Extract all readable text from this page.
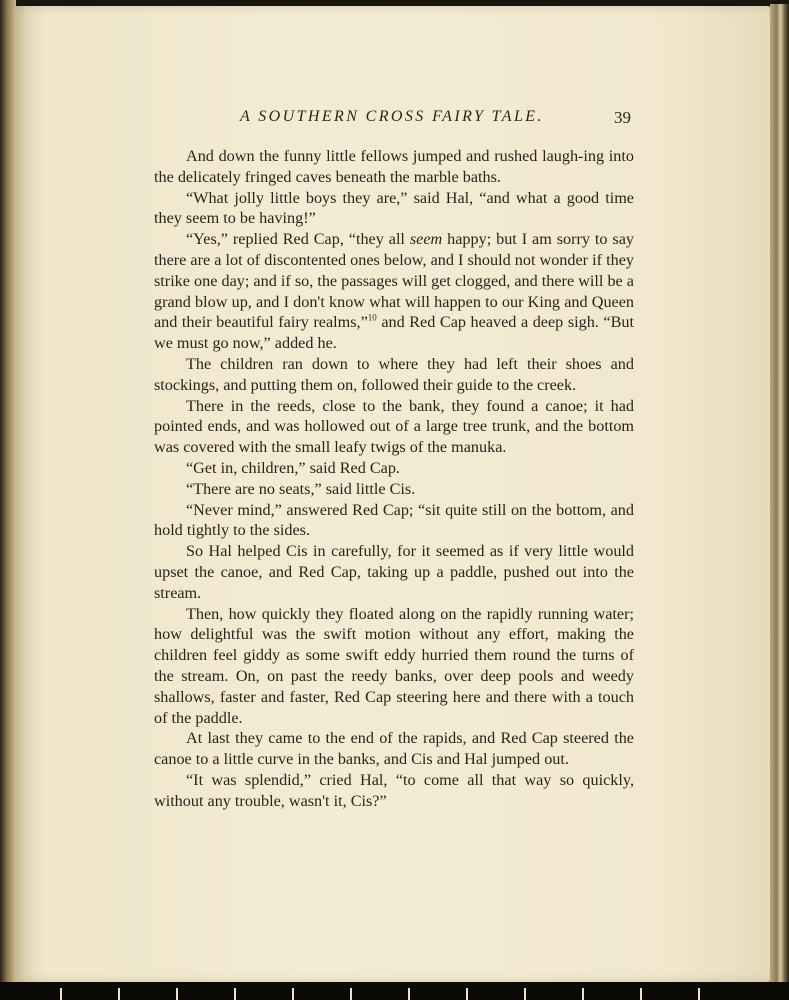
A SOUTHERN CROSS FAIRY TALE.	39

And down the funny little fellows jumped and rushed laugh-ing into the delicately fringed caves beneath the marble baths.

“What jolly little boys they are,” said Hal, “and what a good time they seem to be having!”

“Yes,” replied Red Cap, “they all seem happy; but I am sorry to say there are a lot of discontented ones below, and I should not wonder if they strike one day; and if so, the passages will get clogged, and there will be a grand blow up, and I don't know what will happen to our King and Queen and their beautiful fairy realms,”$^{10}$ and Red Cap heaved a deep sigh. “But we must go now,” added he.

The children ran down to where they had left their shoes and stockings, and putting them on, followed their guide to the creek.

There in the reeds, close to the bank, they found a canoe; it had pointed ends, and was hollowed out of a large tree trunk, and the bottom was covered with the small leafy twigs of the manuka.

“Get in, children,” said Red Cap.

“There are no seats,” said little Cis.

“Never mind,” answered Red Cap; “sit quite still on the bottom, and hold tightly to the sides.

So Hal helped Cis in carefully, for it seemed as if very little would upset the canoe, and Red Cap, taking up a paddle, pushed out into the stream.

Then, how quickly they floated along on the rapidly running water; how delightful was the swift motion without any effort, making the children feel giddy as some swift eddy hurried them round the turns of the stream. On, on past the reedy banks, over deep pools and weedy shallows, faster and faster, Red Cap steering here and there with a touch of the paddle.

At last they came to the end of the rapids, and Red Cap steered the canoe to a little curve in the banks, and Cis and Hal jumped out.

“It was splendid,” cried Hal, “to come all that way so quickly, without any trouble, wasn't it, Cis?”
